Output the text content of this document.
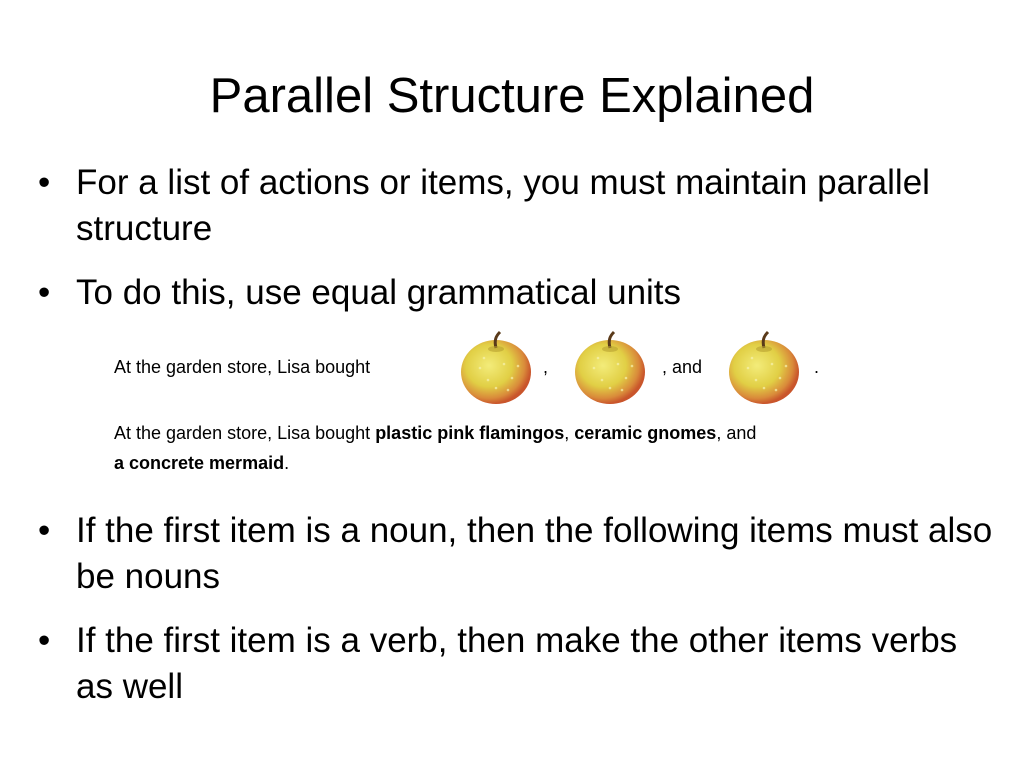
Parallel Structure Explained
• For a list of actions or items, you must maintain parallel structure
• To do this, use equal grammatical units
At the garden store, Lisa bought	,	, and	.
At the garden store, Lisa bought plastic pink flamingos, ceramic gnomes, and
a concrete mermaid.
• If the first item is a noun, then the following items must also be nouns
• If the first item is a verb, then make the other items verbs as well
